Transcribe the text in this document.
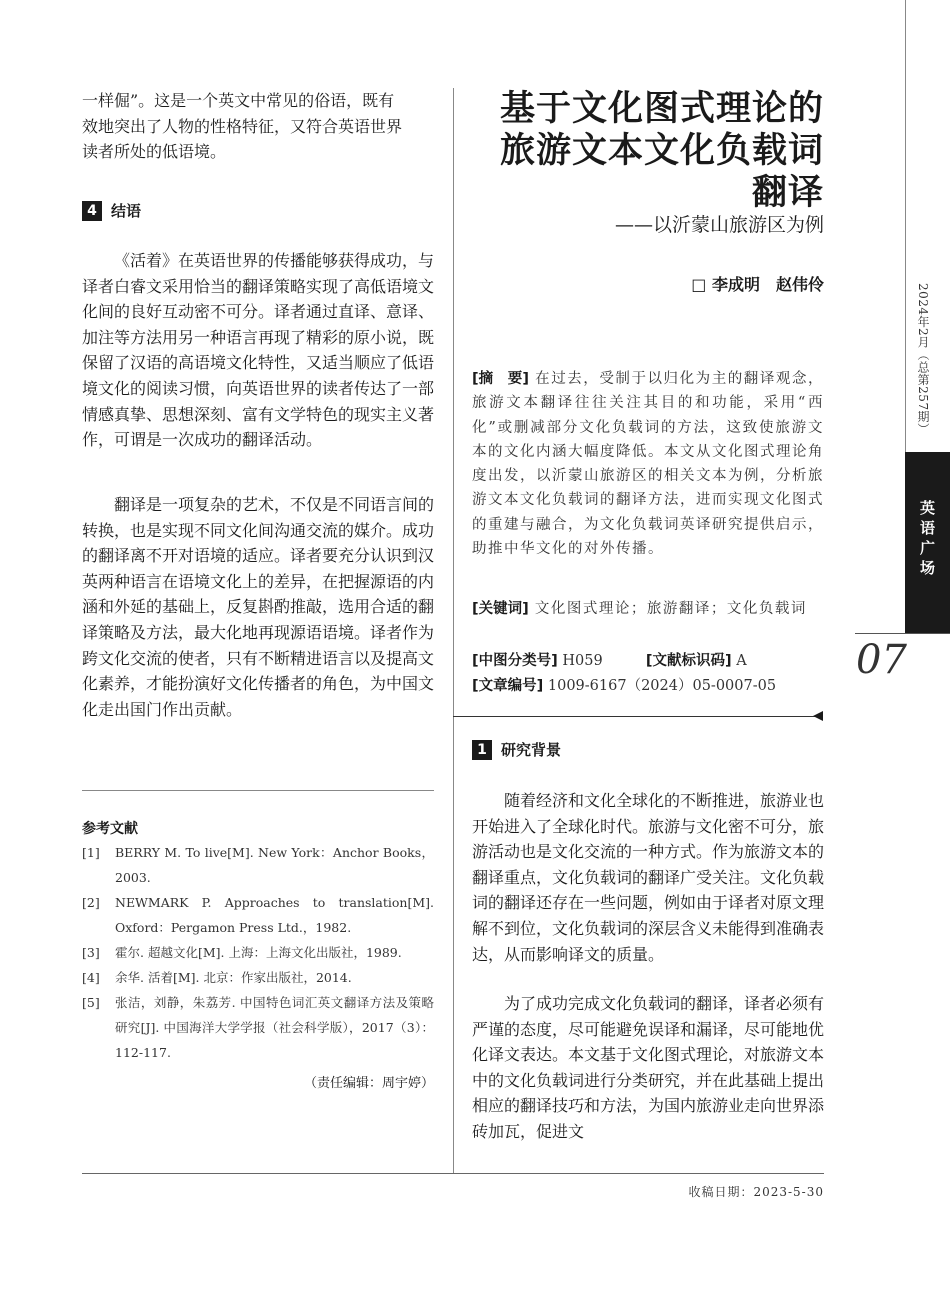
2024年2月（总第257期）
英
语
广
场
07
一样倔”。这是一个英文中常见的俗语，既有
效地突出了人物的性格特征，又符合英语世界
读者所处的低语境。
4 结语

《活着》在英语世界的传播能够获得成功，与译者白睿文采用恰当的翻译策略实现了高低语境文化间的良好互动密不可分。译者通过直译、意译、加注等方法用另一种语言再现了精彩的原小说，既保留了汉语的高语境文化特性，又适当顺应了低语境文化的阅读习惯，向英语世界的读者传达了一部情感真挚、思想深刻、富有文学特色的现实主义著作，可谓是一次成功的翻译活动。

翻译是一项复杂的艺术，不仅是不同语言间的转换，也是实现不同文化间沟通交流的媒介。成功的翻译离不开对语境的适应。译者要充分认识到汉英两种语言在语境文化上的差异，在把握源语的内涵和外延的基础上，反复斟酌推敲，选用合适的翻译策略及方法，最大化地再现源语语境。译者作为跨文化交流的使者，只有不断精进语言以及提高文化素养，才能扮演好文化传播者的角色，为中国文化走出国门作出贡献。

参考文献
[1]	BERRY M. To live[M]. New York：Anchor Books，2003.
[2]	NEWMARK P. Approaches to translation[M]. Oxford：Pergamon Press Ltd.，1982.
[3]	霍尔. 超越文化[M]. 上海：上海文化出版社，1989.
[4]	余华. 活着[M]. 北京：作家出版社，2014.
[5]	张洁，刘静，朱荔芳. 中国特色词汇英文翻译方法及策略研究[J]. 中国海洋大学学报（社会科学版），2017（3）：112-117.
（责任编辑：周宇婷）
基于文化图式理论的
旅游文本文化负载词
翻译
——以沂蒙山旅游区为例
□ 李成明　赵伟伶
[摘　要] 在过去，受制于以归化为主的翻译观念，旅游文本翻译往往关注其目的和功能，采用“西化”或删减部分文化负载词的方法，这致使旅游文本的文化内涵大幅度降低。本文从文化图式理论角度出发，以沂蒙山旅游区的相关文本为例，分析旅游文本文化负载词的翻译方法，进而实现文化图式的重建与融合，为文化负载词英译研究提供启示，助推中华文化的对外传播。
[关键词] 文化图式理论；旅游翻译；文化负载词
[中图分类号] H059	[文献标识码] A
[文章编号] 1009-6167（2024）05-0007-05
1 研究背景

随着经济和文化全球化的不断推进，旅游业也开始进入了全球化时代。旅游与文化密不可分，旅游活动也是文化交流的一种方式。作为旅游文本的翻译重点，文化负载词的翻译广受关注。文化负载词的翻译还存在一些问题，例如由于译者对原文理解不到位，文化负载词的深层含义未能得到准确表达，从而影响译文的质量。

为了成功完成文化负载词的翻译，译者必须有严谨的态度，尽可能避免误译和漏译，尽可能地优化译文表达。本文基于文化图式理论，对旅游文本中的文化负载词进行分类研究，并在此基础上提出相应的翻译技巧和方法，为国内旅游业走向世界添砖加瓦，促进文

收稿日期：2023-5-30
